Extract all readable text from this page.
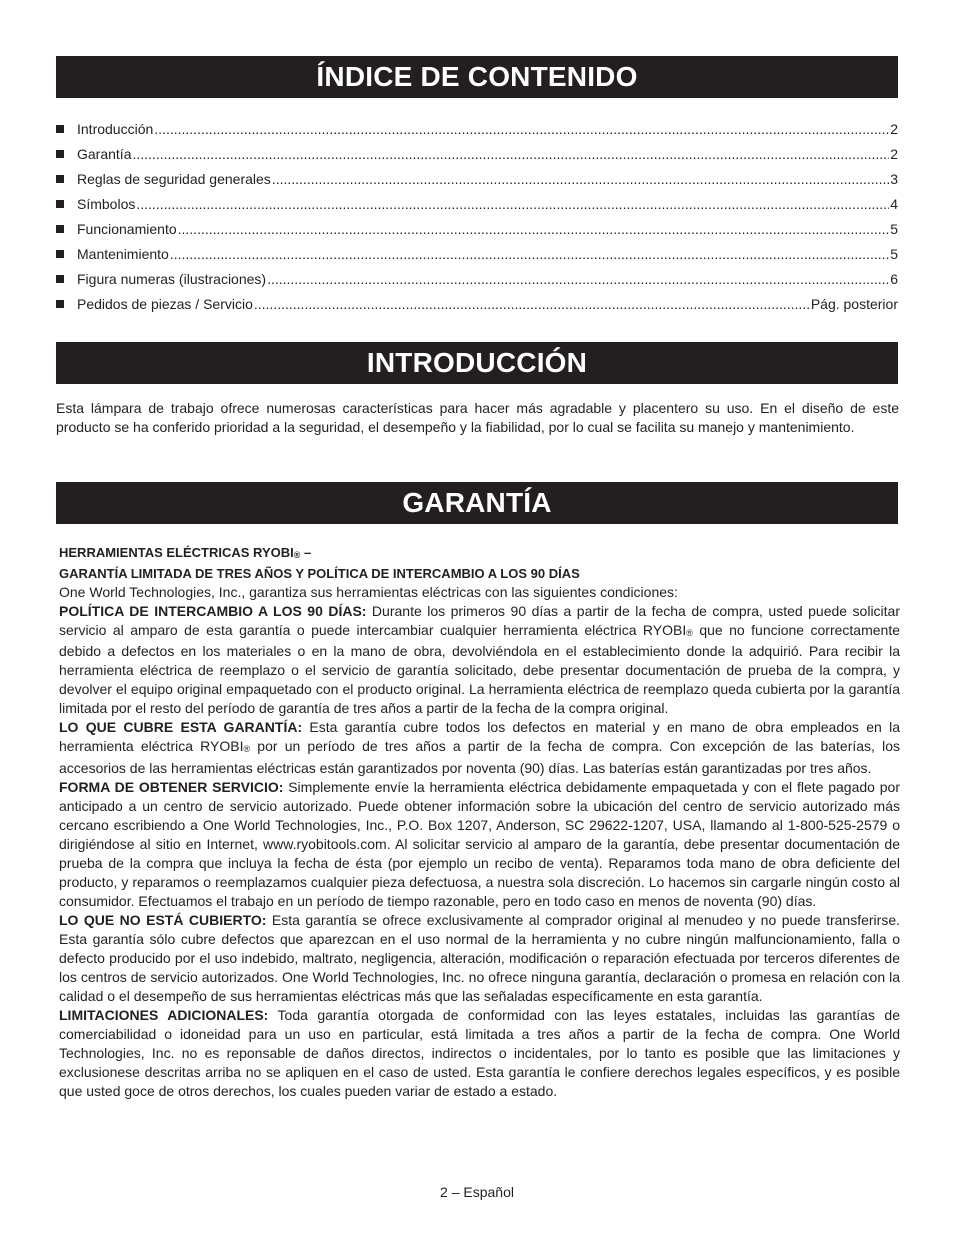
ÍNDICE DE CONTENIDO
Introducción .....	2
Garantía .....	2
Reglas de seguridad generales .....	3
Símbolos .....	4
Funcionamiento .....	5
Mantenimiento .....	5
Figura numeras (ilustraciones) .....	6
Pedidos de piezas / Servicio .....	Pág. posterior
INTRODUCCIÓN

Esta lámpara de trabajo ofrece numerosas características para hacer más agradable y placentero su uso. En el diseño de este producto se ha conferido prioridad a la seguridad, el desempeño y la fiabilidad, por lo cual se facilita su manejo y mantenimiento.

GARANTÍA

HERRAMIENTAS ELÉCTRICAS RYOBI® –

GARANTÍA LIMITADA DE TRES AÑOS Y POLÍTICA DE INTERCAMBIO A LOS 90 DÍAS

One World Technologies, Inc., garantiza sus herramientas eléctricas con las siguientes condiciones:

POLÍTICA DE INTERCAMBIO A LOS 90 DÍAS: Durante los primeros 90 días a partir de la fecha de compra, usted puede solicitar servicio al amparo de esta garantía o puede intercambiar cualquier herramienta eléctrica RYOBI® que no funcione correctamente debido a defectos en los materiales o en la mano de obra, devolviéndola en el establecimiento donde la adquirió. Para recibir la herramienta eléctrica de reemplazo o el servicio de garantía solicitado, debe presentar documentación de prueba de la compra, y devolver el equipo original empaquetado con el producto original. La herramienta eléctrica de reemplazo queda cubierta por la garantía limitada por el resto del período de garantía de tres años a partir de la fecha de la compra original.

LO QUE CUBRE ESTA GARANTÍA: Esta garantía cubre todos los defectos en material y en mano de obra empleados en la herramienta eléctrica RYOBI® por un período de tres años a partir de la fecha de compra. Con excepción de las baterías, los accesorios de las herramientas eléctricas están garantizados por noventa (90) días. Las baterías están garantizadas por tres años.

FORMA DE OBTENER SERVICIO: Simplemente envíe la herramienta eléctrica debidamente empaquetada y con el flete pagado por anticipado a un centro de servicio autorizado. Puede obtener información sobre la ubicación del centro de servicio autorizado más cercano escribiendo a One World Technologies, Inc., P.O. Box 1207, Anderson, SC 29622-1207, USA, llamando al 1-800-525-2579 o dirigiéndose al sitio en Internet, www.ryobitools.com. Al solicitar servicio al amparo de la garantía, debe presentar documentación de prueba de la compra que incluya la fecha de ésta (por ejemplo un recibo de venta). Reparamos toda mano de obra deficiente del producto, y reparamos o reemplazamos cualquier pieza defectuosa, a nuestra sola discreción. Lo hacemos sin cargarle ningún costo al consumidor. Efectuamos el trabajo en un período de tiempo razonable, pero en todo caso en menos de noventa (90) días.

LO QUE NO ESTÁ CUBIERTO: Esta garantía se ofrece exclusivamente al comprador original al menudeo y no puede transferirse. Esta garantía sólo cubre defectos que aparezcan en el uso normal de la herramienta y no cubre ningún malfuncionamiento, falla o defecto producido por el uso indebido, maltrato, negligencia, alteración, modificación o reparación efectuada por terceros diferentes de los centros de servicio autorizados. One World Technologies, Inc. no ofrece ninguna garantía, declaración o promesa en relación con la calidad o el desempeño de sus herramientas eléctricas más que las señaladas específicamente en esta garantía.

LIMITACIONES ADICIONALES: Toda garantía otorgada de conformidad con las leyes estatales, incluidas las garantías de comerciabilidad o idoneidad para un uso en particular, está limitada a tres años a partir de la fecha de compra. One World Technologies, Inc. no es reponsable de daños directos, indirectos o incidentales, por lo tanto es posible que las limitaciones y exclusionese descritas arriba no se apliquen en el caso de usted. Esta garantía le confiere derechos legales específicos, y es posible que usted goce de otros derechos, los cuales pueden variar de estado a estado.

2 – Español
